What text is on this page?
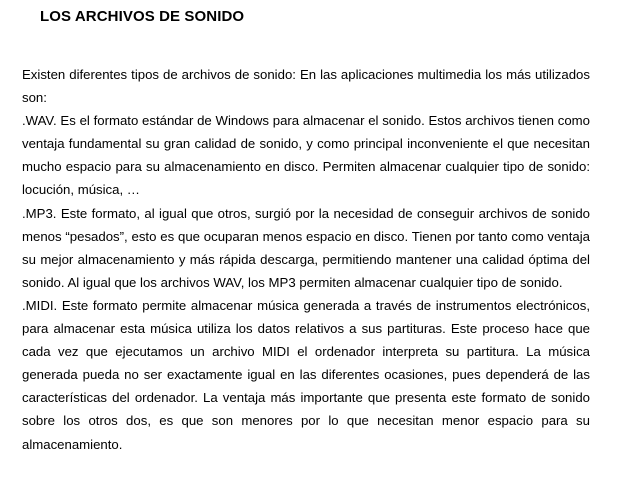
LOS ARCHIVOS DE SONIDO

Existen diferentes tipos de archivos de sonido: En las aplicaciones multimedia los más utilizados son:

.WAV. Es el formato estándar de Windows para almacenar el sonido. Estos archivos tienen como ventaja fundamental su gran calidad de sonido, y como principal inconveniente el que necesitan mucho espacio para su almacenamiento en disco. Permiten almacenar cualquier tipo de sonido: locución, música, …

.MP3. Este formato, al igual que otros, surgió por la necesidad de conseguir archivos de sonido menos “pesados”, esto es que ocuparan menos espacio en disco. Tienen por tanto como ventaja su mejor almacenamiento y más rápida descarga, permitiendo mantener una calidad óptima del sonido. Al igual que los archivos WAV, los MP3 permiten almacenar cualquier tipo de sonido.

.MIDI. Este formato permite almacenar música generada a través de instrumentos electrónicos, para almacenar esta música utiliza los datos relativos a sus partituras. Este proceso hace que cada vez que ejecutamos un archivo MIDI el ordenador interpreta su partitura. La música generada pueda no ser exactamente igual en las diferentes ocasiones, pues dependerá de las características del ordenador. La ventaja más importante que presenta este formato de sonido sobre los otros dos, es que son menores por lo que necesitan menor espacio para su almacenamiento.
